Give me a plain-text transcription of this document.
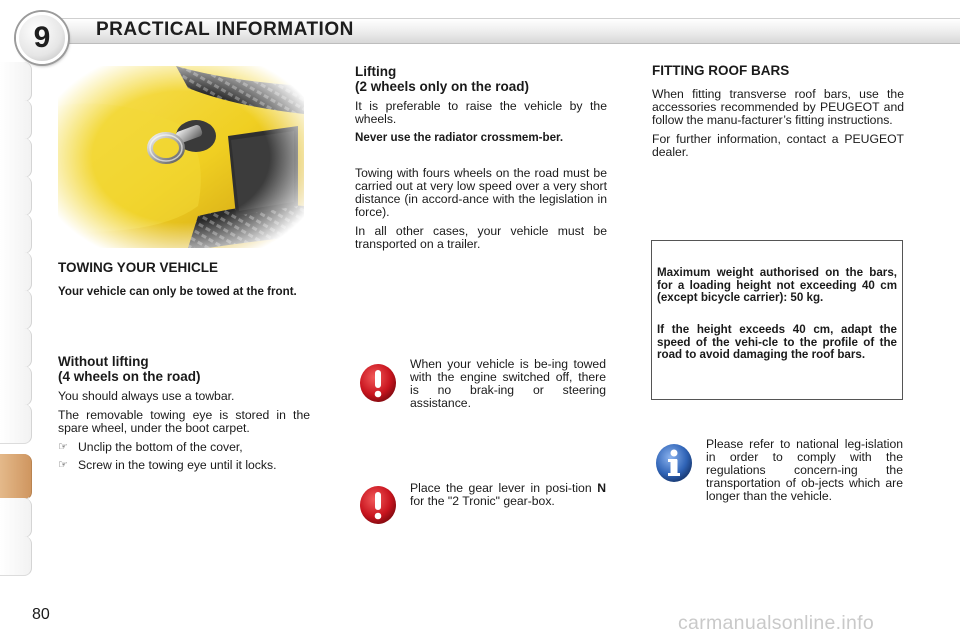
9	PRACTICAL INFORMATION
TOWING YOUR VEHICLE
Your vehicle can only be towed at the front.
Without lifting
(4 wheels on the road)
You should always use a towbar.
The removable towing eye is stored in the spare wheel, under the boot carpet.
☞ Unclip the bottom of the cover,
☞ Screw in the towing eye until it locks.
Lifting
(2 wheels only on the road)
It is preferable to raise the vehicle by the wheels.
Never use the radiator crossmem-ber.
Towing with fours wheels on the road must be carried out at very low speed over a very short distance (in accord-ance with the legislation in force).
In all other cases, your vehicle must be transported on a trailer.
When your vehicle is be-ing towed with the engine switched off, there is no brak-ing or steering assistance.
Place the gear lever in posi-tion N for the "2 Tronic" gear-box.
FITTING ROOF BARS
When fitting transverse roof bars, use the accessories recommended by PEUGEOT and follow the manu-facturer’s fitting instructions.
For further information, contact a PEUGEOT dealer.
Maximum weight authorised on the bars, for a loading height not exceeding 40 cm (except bicycle carrier): 50 kg.
If the height exceeds 40 cm, adapt the speed of the vehi-cle to the profile of the road to avoid damaging the roof bars.
Please refer to national leg-islation in order to comply with the regulations concern-ing the transportation of ob-jects which are longer than the vehicle.
80	carmanualsonline.info
